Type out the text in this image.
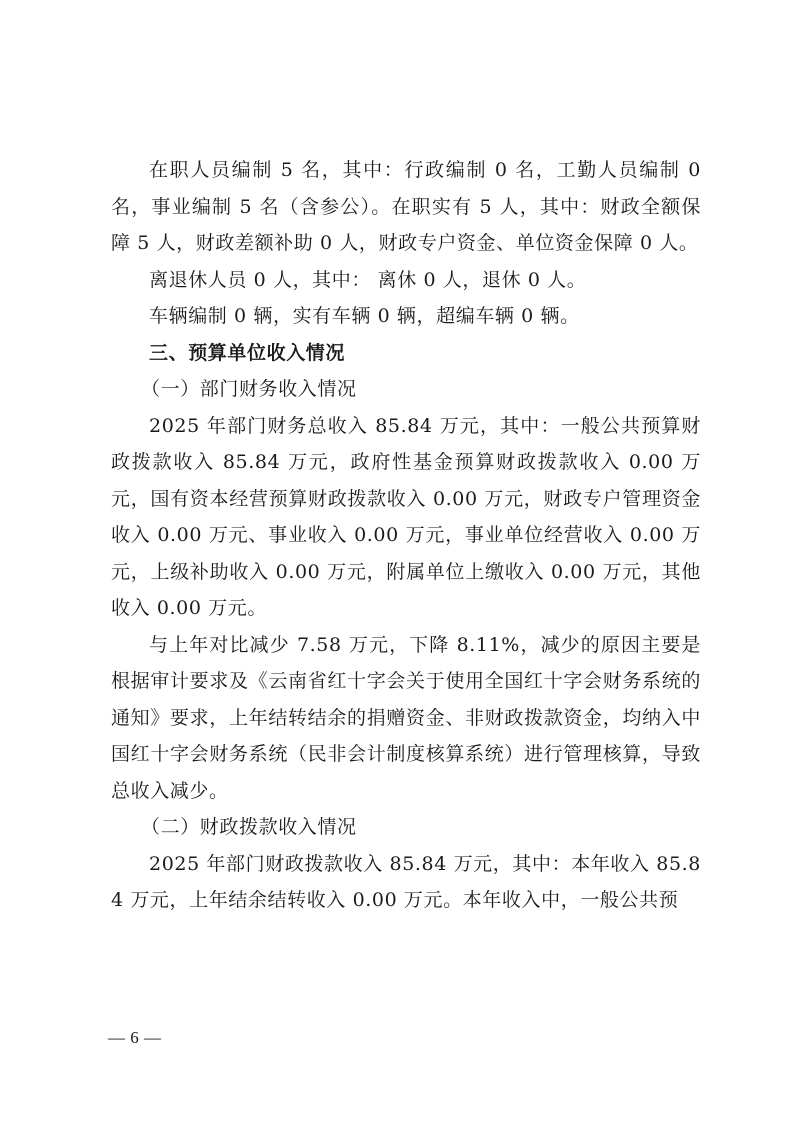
在职人员编制 5 名，其中：行政编制 0 名，工勤人员编制 0 名，事业编制 5 名（含参公）。在职实有 5 人，其中：财政全额保障 5 人，财政差额补助 0 人，财政专户资金、单位资金保障 0 人。

离退休人员 0 人，其中： 离休 0 人，退休 0 人。

车辆编制 0 辆，实有车辆 0 辆，超编车辆 0 辆。

三、预算单位收入情况

（一）部门财务收入情况

2025 年部门财务总收入 85.84 万元，其中：一般公共预算财政拨款收入 85.84 万元，政府性基金预算财政拨款收入 0.00 万元，国有资本经营预算财政拨款收入 0.00 万元，财政专户管理资金收入 0.00 万元、事业收入 0.00 万元，事业单位经营收入 0.00 万元，上级补助收入 0.00 万元，附属单位上缴收入 0.00 万元，其他收入 0.00 万元。

与上年对比减少 7.58 万元，下降 8.11%，减少的原因主要是根据审计要求及《云南省红十字会关于使用全国红十字会财务系统的通知》要求，上年结转结余的捐赠资金、非财政拨款资金，均纳入中国红十字会财务系统（民非会计制度核算系统）进行管理核算，导致总收入减少。

（二）财政拨款收入情况

2025 年部门财政拨款收入 85.84 万元，其中：本年收入 85.84 万元，上年结余结转收入 0.00 万元。本年收入中，一般公共预

— 6 —
